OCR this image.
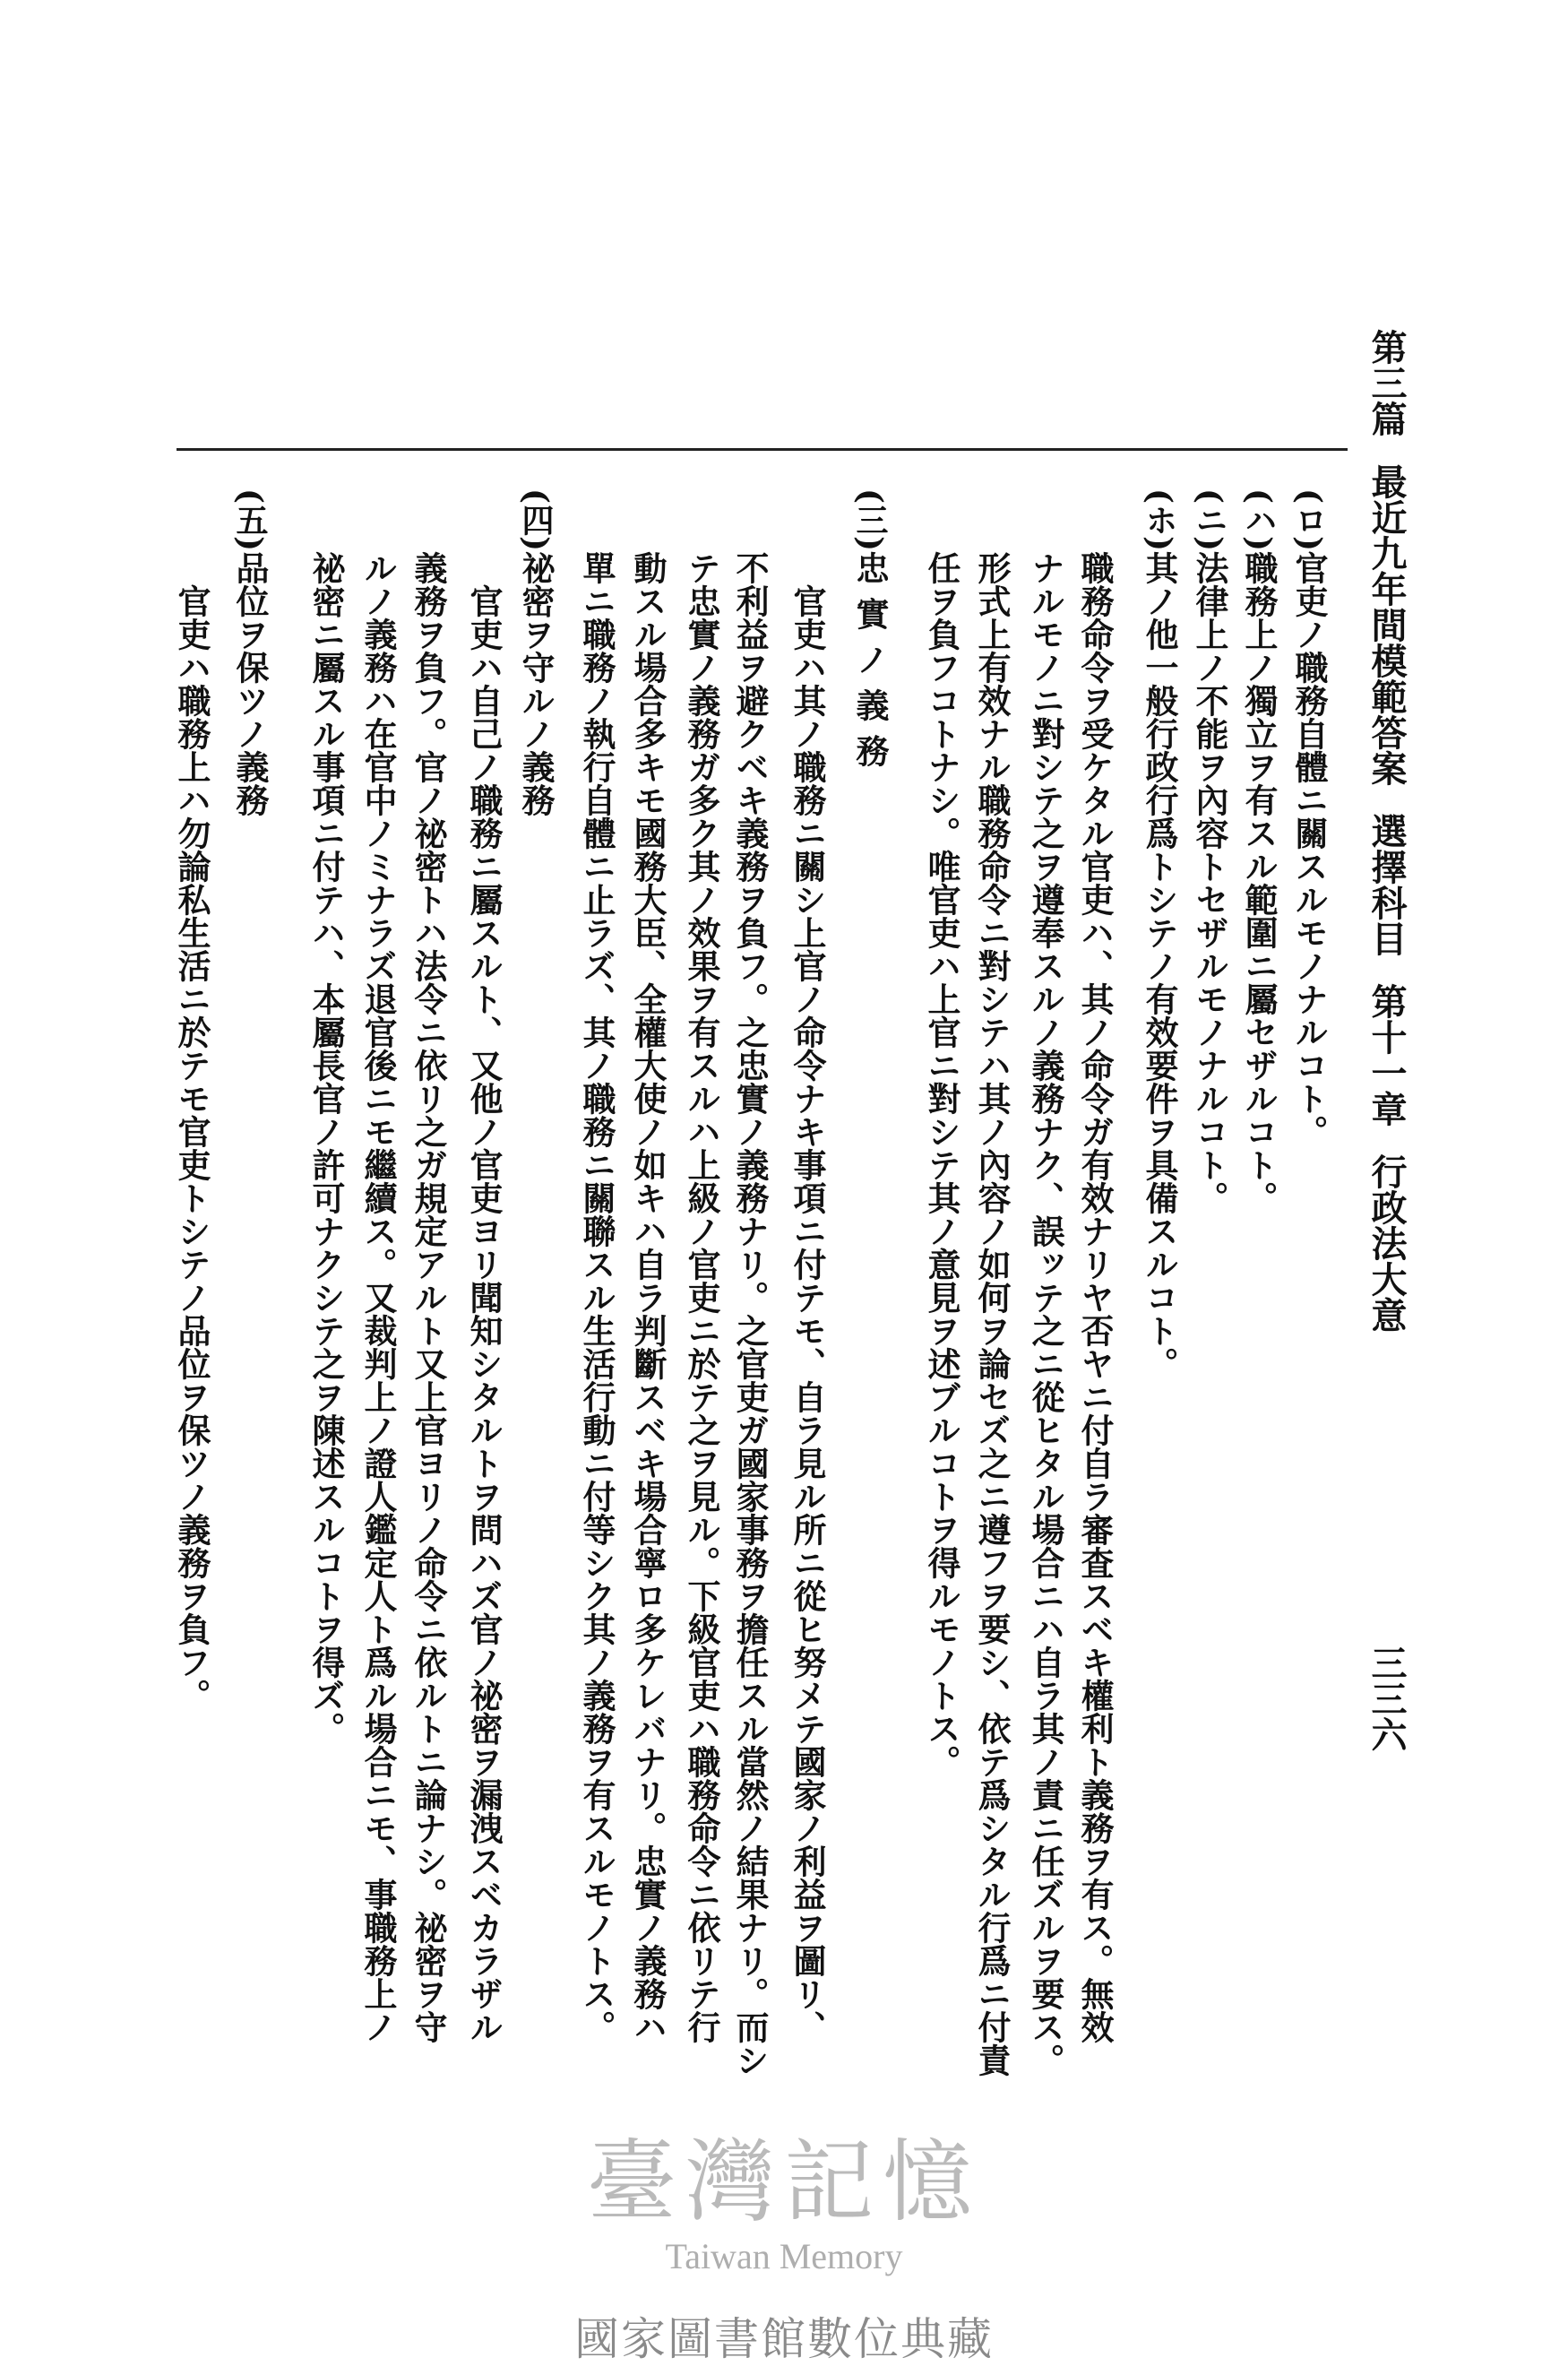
第三篇最近九年間模範答案選擇科目第十一章行政法大意
三三六
(ロ)
官吏ノ職務自體ニ關スルモノナルコト。
(ハ)
職務上ノ獨立ヲ有スル範圍ニ屬セザルコト。
(ニ)
法律上ノ不能ヲ內容トセザルモノナルコト。
(ホ)
其ノ他一般行政行爲トシテノ有效要件ヲ具備スルコト。
職務命令ヲ受ケタル官吏ハ、其ノ命令ガ有效ナリヤ否ヤニ付自ラ審査スベキ權利ト義務ヲ有ス。無效
ナルモノニ對シテ之ヲ遵奉スルノ義務ナク、誤ッテ之ニ從ヒタル場合ニハ自ラ其ノ責ニ任ズルヲ要ス。
形式上有效ナル職務命令ニ對シテハ其ノ內容ノ如何ヲ論セズ之ニ遵フヲ要シ、依テ爲シタル行爲ニ付責
任ヲ負フコトナシ。唯官吏ハ上官ニ對シテ其ノ意見ヲ述ブルコトヲ得ルモノトス。
(三)
忠實ノ義務
官吏ハ其ノ職務ニ關シ上官ノ命令ナキ事項ニ付テモ、自ラ見ル所ニ從ヒ努メテ國家ノ利益ヲ圖リ、
不利益ヲ避クベキ義務ヲ負フ。之忠實ノ義務ナリ。之官吏ガ國家事務ヲ擔任スル當然ノ結果ナリ。而シ
テ忠實ノ義務ガ多ク其ノ效果ヲ有スルハ上級ノ官吏ニ於テ之ヲ見ル。下級官吏ハ職務命令ニ依リテ行
動スル場合多キモ國務大臣、全權大使ノ如キハ自ラ判斷スベキ場合寧ロ多ケレバナリ。忠實ノ義務ハ
單ニ職務ノ執行自體ニ止ラズ、其ノ職務ニ關聯スル生活行動ニ付等シク其ノ義務ヲ有スルモノトス。
(四)
祕密ヲ守ルノ義務
官吏ハ自己ノ職務ニ屬スルト、又他ノ官吏ヨリ聞知シタルトヲ問ハズ官ノ祕密ヲ漏洩スベカラザル
義務ヲ負フ。官ノ祕密トハ法令ニ依リ之ガ規定アルト又上官ヨリノ命令ニ依ルトニ論ナシ。祕密ヲ守
ルノ義務ハ在官中ノミナラズ退官後ニモ繼續ス。又裁判上ノ證人鑑定人ト爲ル場合ニモ、事職務上ノ
祕密ニ屬スル事項ニ付テハ、本屬長官ノ許可ナクシテ之ヲ陳述スルコトヲ得ズ。
(五)
品位ヲ保ツノ義務
官吏ハ職務上ハ勿論私生活ニ於テモ官吏トシテノ品位ヲ保ツノ義務ヲ負フ。
臺灣記憶
Taiwan Memory
國家圖書館數位典藏
